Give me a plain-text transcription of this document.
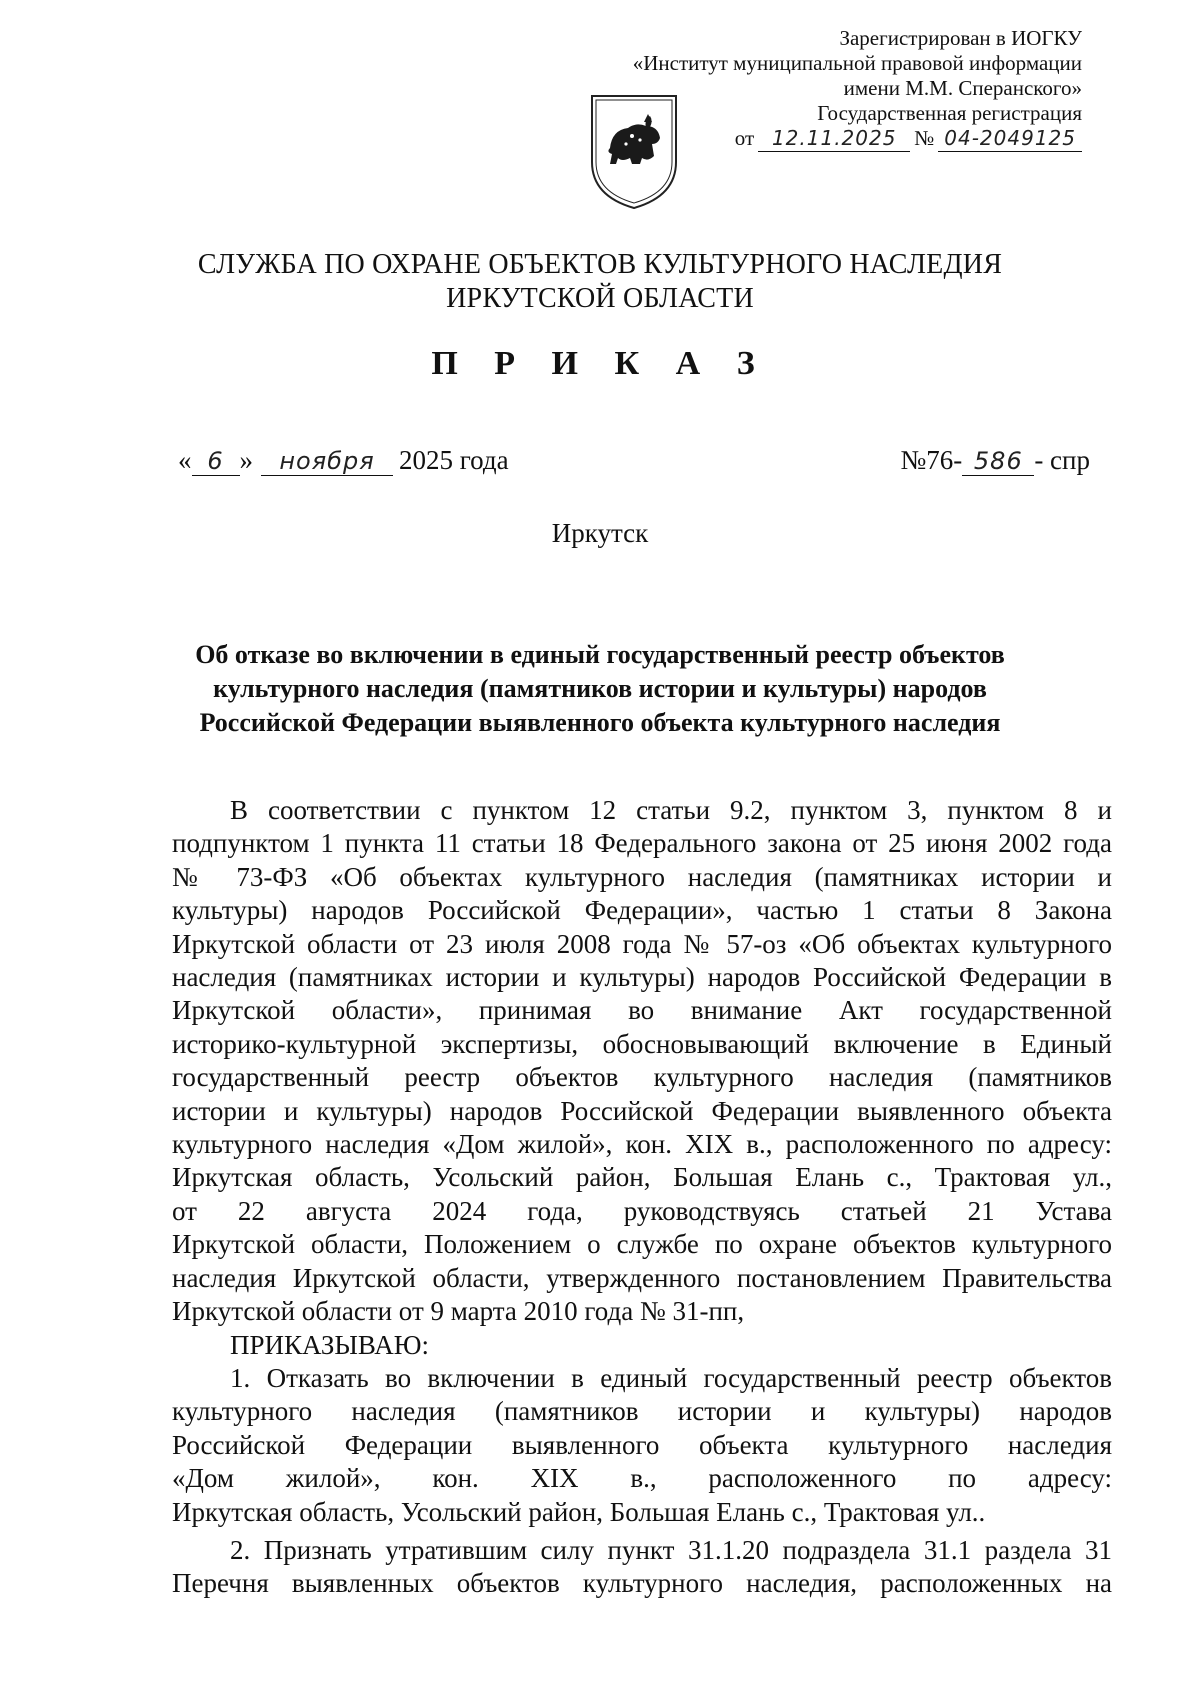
Зарегистрирован в ИОГКУ
«Институт муниципальной правовой информации
имени М.М. Сперанского»
Государственная регистрация
от 12.11.2025 № 04-2049125
СЛУЖБА ПО ОХРАНЕ ОБЪЕКТОВ КУЛЬТУРНОГО НАСЛЕДИЯ
ИРКУТСКОЙ ОБЛАСТИ
П Р И К А З
« 6 »	ноября 2025 года	№76- 586 - спр
Иркутск
Об отказе во включении в единый государственный реестр объектов
культурного наследия (памятников истории и культуры) народов
Российской Федерации выявленного объекта культурного наследия
В соответствии с пунктом 12 статьи 9.2, пунктом 3, пунктом 8 и
подпунктом 1 пункта 11 статьи 18 Федерального закона от 25 июня 2002 года
№ 73-ФЗ «Об объектах культурного наследия (памятниках истории и
культуры) народов Российской Федерации», частью 1 статьи 8 Закона
Иркутской области от 23 июля 2008 года № 57-оз «Об объектах культурного
наследия (памятниках истории и культуры) народов Российской Федерации в
Иркутской области», принимая во внимание Акт государственной
историко-культурной экспертизы, обосновывающий включение в Единый
государственный реестр объектов культурного наследия (памятников
истории и культуры) народов Российской Федерации выявленного объекта
культурного наследия «Дом жилой», кон. XIX в., расположенного по адресу:
Иркутская область, Усольский район, Большая Елань с., Трактовая ул.,
от 22 августа 2024 года, руководствуясь статьей 21 Устава
Иркутской области, Положением о службе по охране объектов культурного
наследия Иркутской области, утвержденного постановлением Правительства
Иркутской области от 9 марта 2010 года № 31-пп,
ПРИКАЗЫВАЮ:
1. Отказать во включении в единый государственный реестр объектов
культурного наследия (памятников истории и культуры) народов
Российской Федерации выявленного объекта культурного наследия
«Дом жилой», кон. XIX в., расположенного по адресу:
Иркутская область, Усольский район, Большая Елань с., Трактовая ул..
2. Признать утратившим силу пункт 31.1.20 подраздела 31.1 раздела 31
Перечня выявленных объектов культурного наследия, расположенных на
